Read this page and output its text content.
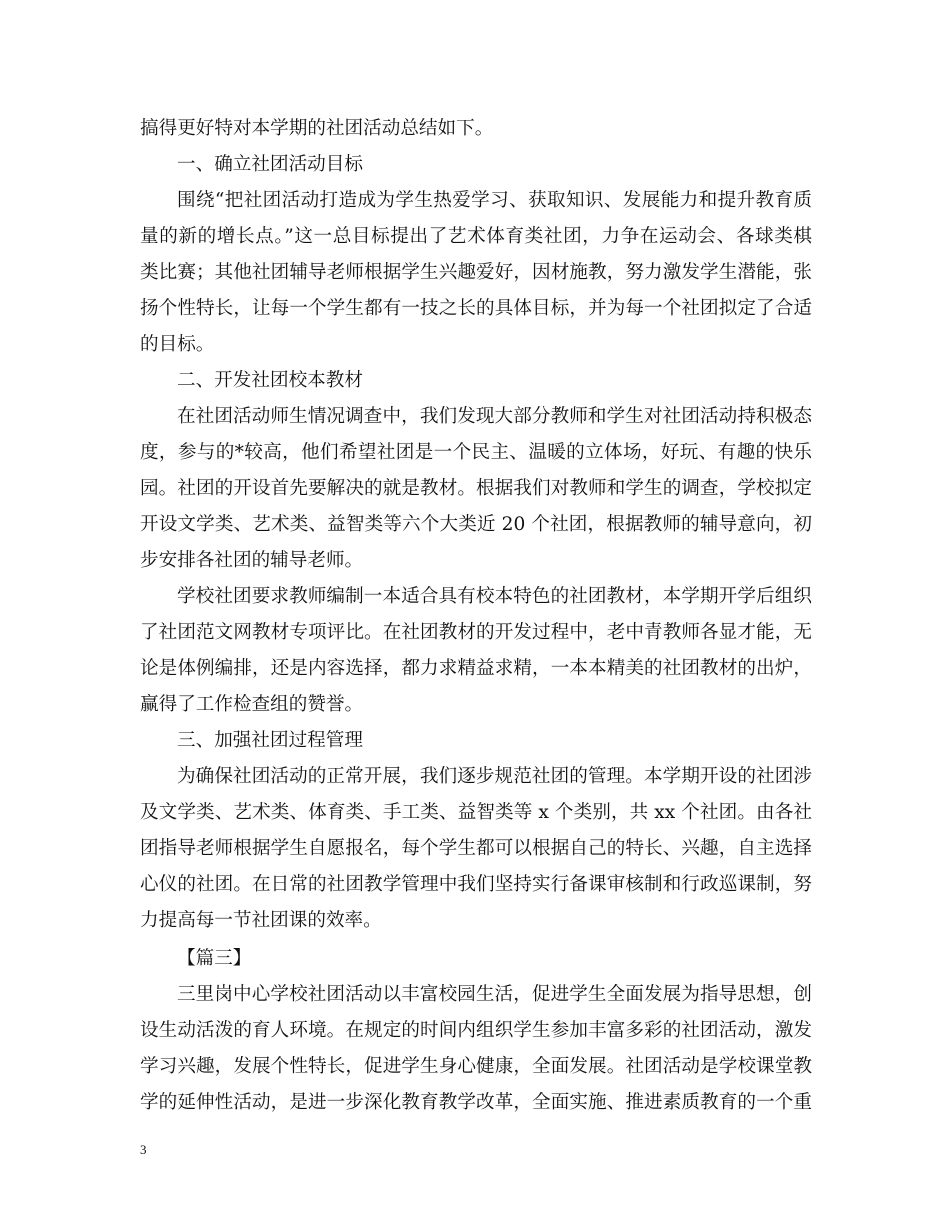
搞得更好特对本学期的社团活动总结如下。
一、确立社团活动目标
围绕“把社团活动打造成为学生热爱学习、获取知识、发展能力和提升教育质
量的新的增长点。”这一总目标提出了艺术体育类社团，力争在运动会、各球类棋
类比赛；其他社团辅导老师根据学生兴趣爱好，因材施教，努力激发学生潜能，张
扬个性特长，让每一个学生都有一技之长的具体目标，并为每一个社团拟定了合适
的目标。
二、开发社团校本教材
在社团活动师生情况调查中，我们发现大部分教师和学生对社团活动持积极态
度，参与的*较高，他们希望社团是一个民主、温暖的立体场，好玩、有趣的快乐
园。社团的开设首先要解决的就是教材。根据我们对教师和学生的调查，学校拟定
开设文学类、艺术类、益智类等六个大类近 20 个社团，根据教师的辅导意向，初
步安排各社团的辅导老师。
学校社团要求教师编制一本适合具有校本特色的社团教材，本学期开学后组织
了社团范文网教材专项评比。在社团教材的开发过程中，老中青教师各显才能，无
论是体例编排，还是内容选择，都力求精益求精，一本本精美的社团教材的出炉，
赢得了工作检查组的赞誉。
三、加强社团过程管理
为确保社团活动的正常开展，我们逐步规范社团的管理。本学期开设的社团涉
及文学类、艺术类、体育类、手工类、益智类等 x 个类别，共 xx 个社团。由各社
团指导老师根据学生自愿报名，每个学生都可以根据自己的特长、兴趣，自主选择
心仪的社团。在日常的社团教学管理中我们坚持实行备课审核制和行政巡课制，努
力提高每一节社团课的效率。
【篇三】
三里岗中心学校社团活动以丰富校园生活，促进学生全面发展为指导思想，创
设生动活泼的育人环境。在规定的时间内组织学生参加丰富多彩的社团活动，激发
学习兴趣，发展个性特长，促进学生身心健康，全面发展。社团活动是学校课堂教
学的延伸性活动，是进一步深化教育教学改革，全面实施、推进素质教育的一个重
3
